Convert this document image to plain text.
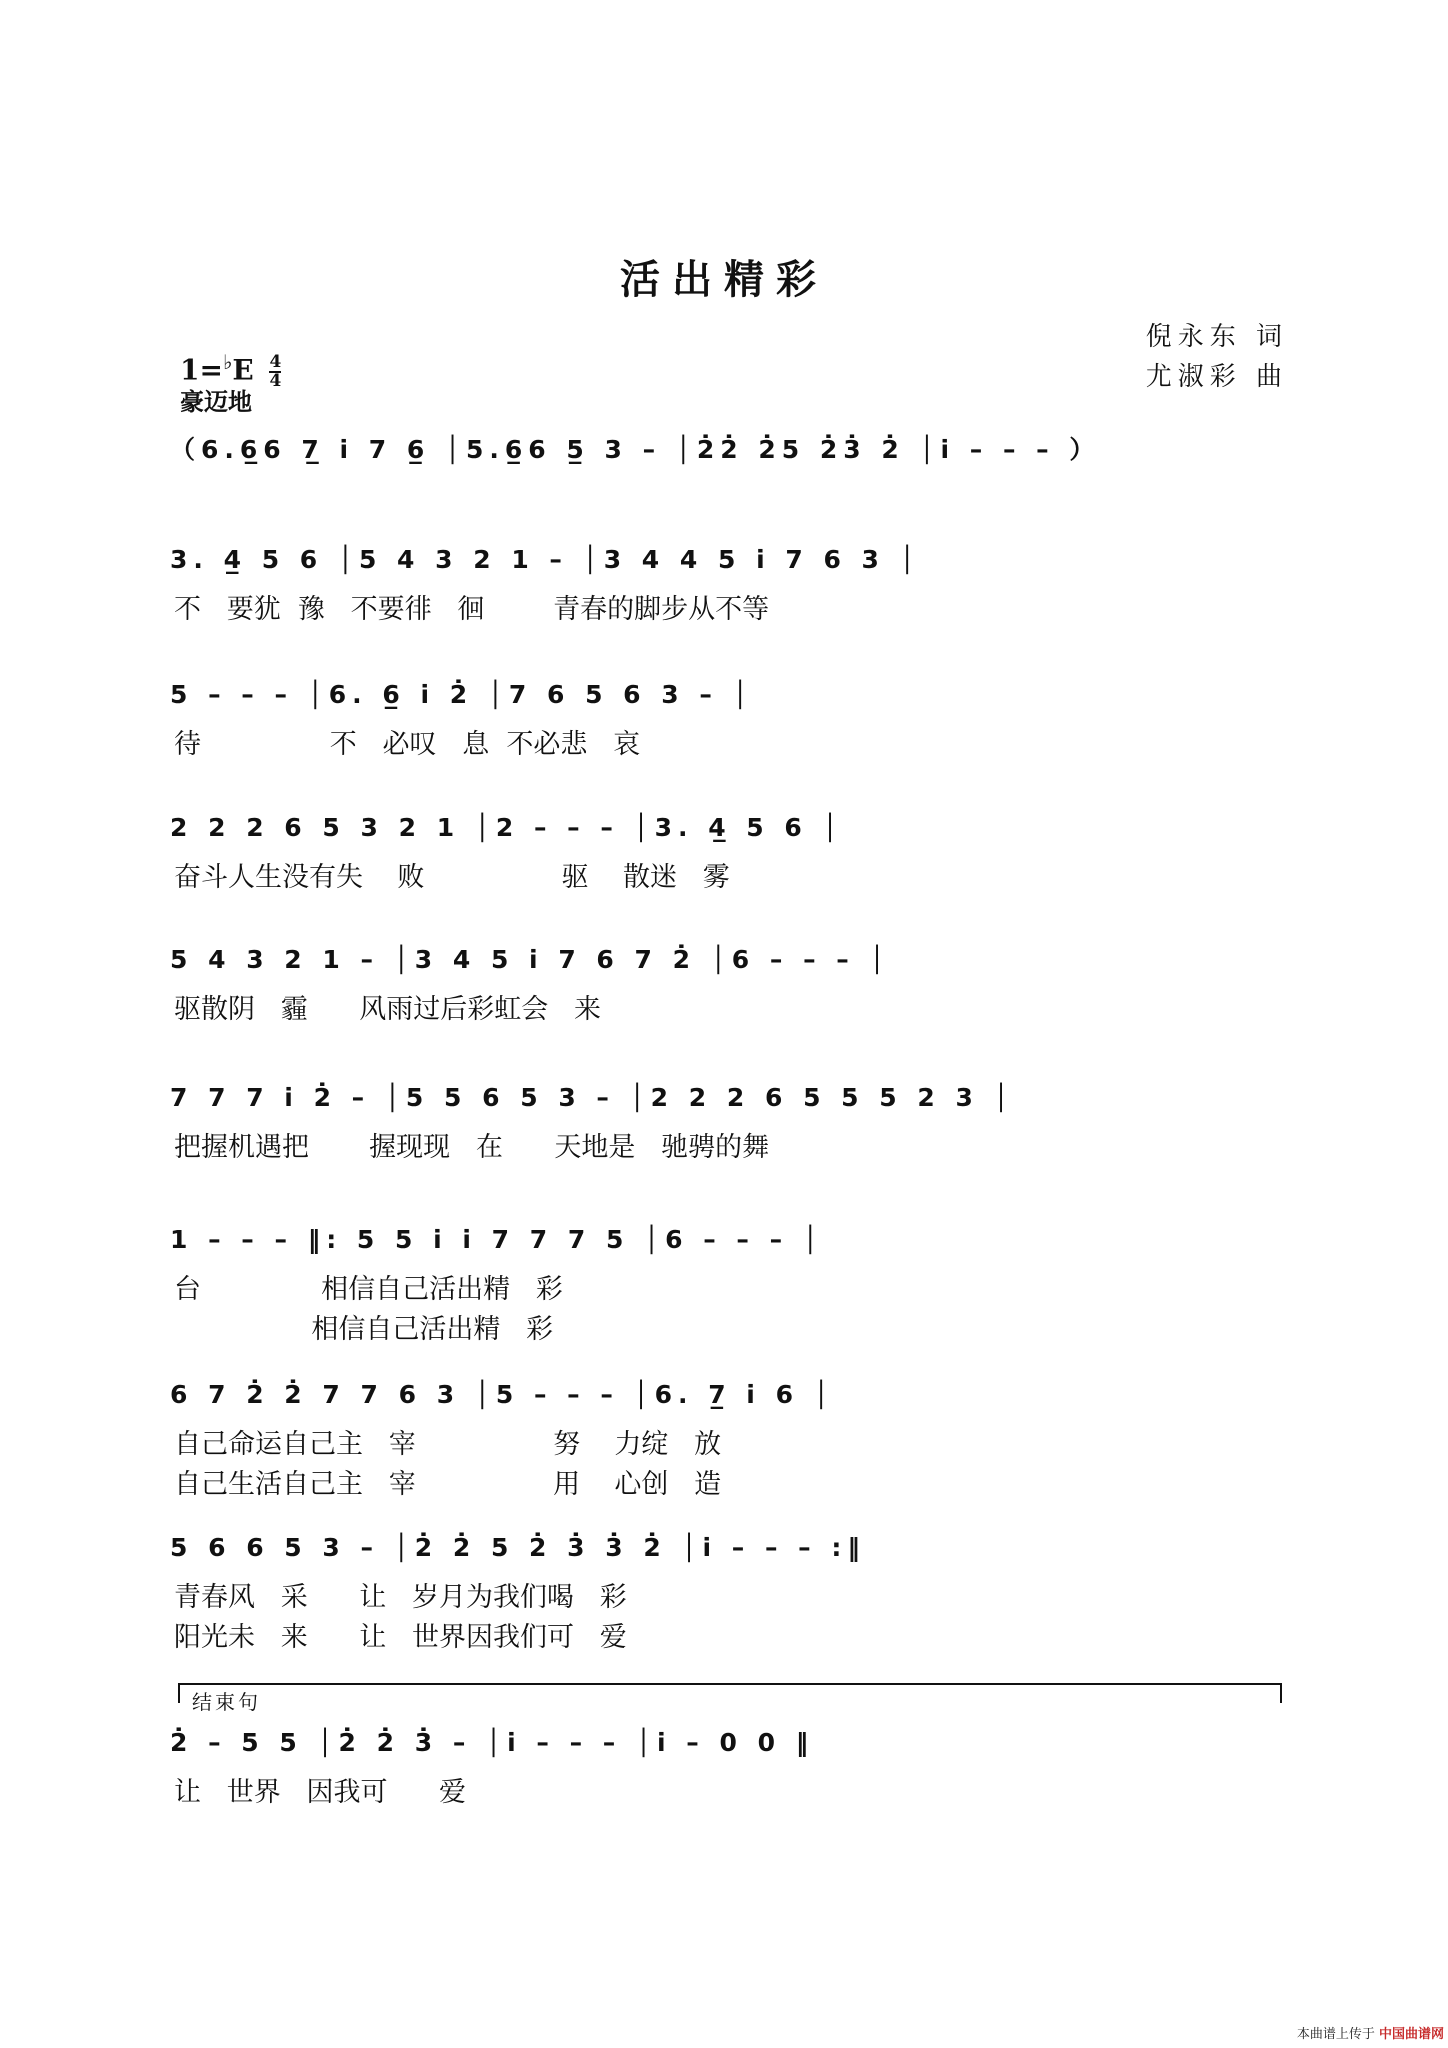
活出精彩
倪永东 词
尤淑彩 曲
$1=^♭E \frac{4}{4}$
豪迈地
（6.6̲6 7̲ i̇ 7 6̲ │5.6̲6 5̲ 3 – │2̇2̇ 2̇5 2̇3̇ 2̇ │i̇ – – – ）
3. 4̲ 5 6 │5 4 3 2 1 – │3 4 4 5 i̇ 7 6 3 │
不   要犹  豫   不要徘   徊        青春的脚步从不等
5 – – – │6. 6̲ i̇ 2̇ │7 6 5 6 3 – │
待               不   必叹   息  不必悲   哀
2 2 2 6 5 3 2 1 │2 – – – │3. 4̲ 5 6 │
奋斗人生没有失    败                驱    散迷   雾
5 4 3 2 1 – │3 4 5 i̇ 7 6 7 2̇ │6 – – – │
驱散阴   霾      风雨过后彩虹会   来
7 7 7 i̇ 2̇ – │5 5 6 5 3 – │2 2 2 6 5 5 5 2 3 │
把握机遇把       握现现   在      天地是   驰骋的舞
1 – – – ‖: 5 5 i̇ i̇ 7 7 7 5 │6 – – – │
台              相信自己活出精   彩
相信自己活出精   彩
6 7 2̇ 2̇ 7 7 6 3 │5 – – – │6. 7̲ i̇ 6 │
自己命运自己主   宰                努    力绽   放
自己生活自己主   宰                用    心创   造
5 6 6 5 3 – │2̇ 2̇ 5 2̇ 3̇ 3̇ 2̇ │i̇ – – – :‖
青春风   采      让   岁月为我们喝   彩
阳光未   来      让   世界因我们可   爱
2̇ – 5 5 │2̇ 2̇ 3̇ – │i̇ – – – │i̇ – 0 0 ‖
让   世界   因我可      爱
结束句
本曲谱上传于 中国曲谱网
